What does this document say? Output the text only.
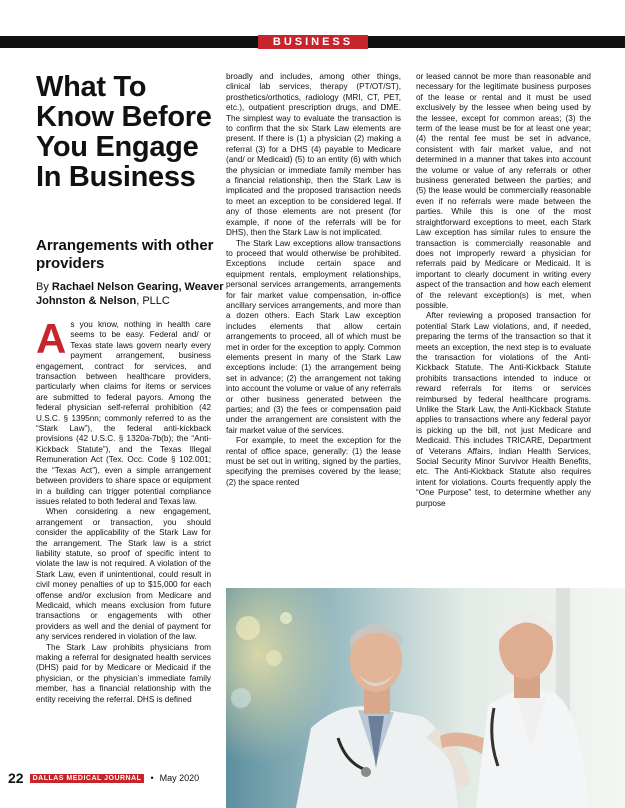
BUSINESS
What To Know Before You Engage In Business
Arrangements with other providers
By Rachael Nelson Gearing, Weaver Johnston & Nelson, PLLC

As you know, nothing in health care seems to be easy. Federal and/ or Texas state laws govern nearly every payment arrangement, business engagement, contract for services, and transaction between healthcare providers, particularly when claims for items or services are submitted to federal payors. Among the federal physician self-referral prohibition (42 U.S.C. § 1395nn; commonly referred to as the “Stark Law”), the federal anti-kickback provisions (42 U.S.C. § 1320a-7b(b); the “Anti-Kickback Statute”), and the Texas Illegal Remuneration Act (Tex. Occ. Code § 102.001; the “Texas Act”), even a simple arrangement between providers to share space or equipment in a building can trigger potential compliance issues related to both federal and Texas law.

When considering a new engagement, arrangement or transaction, you should consider the applicability of the Stark Law for the arrangement. The Stark law is a strict liability statute, so proof of specific intent to violate the law is not required. A violation of the Stark Law, even if unintentional, could result in civil money penalties of up to $15,000 for each offense and/or exclusion from Medicare and Medicaid, which means exclusion from future transactions or engagements with other providers as well and the denial of payment for any services rendered in violation of the law.

The Stark Law prohibits physicians from making a referral for designated health services (DHS) paid for by Medicare or Medicaid if the physician, or the physician’s immediate family member, has a financial relationship with the entity receiving the referral. DHS is defined

broadly and includes, among other things, clinical lab services, therapy (PT/OT/ST), prosthetics/orthotics, radiology (MRI, CT, PET, etc.), outpatient prescription drugs, and DME. The simplest way to evaluate the transaction is to confirm that the six Stark Law elements are present. If there is (1) a physician (2) making a referral (3) for a DHS (4) payable to Medicare (and/ or Medicaid) (5) to an entity (6) with which the physician or immediate family member has a financial relationship, then the Stark Law is implicated and the proposed transaction needs to meet an exception to be considered legal. If any of those elements are not present (for example, if none of the referrals will be for DHS), then the Stark Law is not implicated.

The Stark Law exceptions allow transactions to proceed that would otherwise be prohibited. Exceptions include certain space and equipment rentals, employment relationships, personal services arrangements, arrangements for fair market value compensation, in-office ancillary services arrangements, and more than a dozen others. Each Stark Law exception includes elements that allow certain arrangements to proceed, all of which must be met in order for the exception to apply. Common elements present in many of the Stark Law exceptions include: (1) the arrangement being set in advance; (2) the arrangement not taking into account the volume or value of any referrals or other business generated between the parties; and (3) the fees or compensation paid under the arrangement are consistent with the fair market value of the services.

For example, to meet the exception for the rental of office space, generally: (1) the lease must be set out in writing, signed by the parties, specifying the premises covered by the lease; (2) the space rented

or leased cannot be more than reasonable and necessary for the legitimate business purposes of the lease or rental and it must be used exclusively by the lessee when being used by the lessee, except for common areas; (3) the term of the lease must be for at least one year; (4) the rental fee must be set in advance, consistent with fair market value, and not determined in a manner that takes into account the volume or value of any referrals or other business generated between the parties; and (5) the lease would be commercially reasonable even if no referrals were made between the parties. While this is one of the most straightforward exceptions to meet, each Stark Law exception has similar rules to ensure the transaction is commercially reasonable and does not improperly reward a physician for referrals paid by Medicare or Medicaid. It is important to clearly document in writing every aspect of the transaction and how each element of the relevant exception(s) is met, when possible.

After reviewing a proposed transaction for potential Stark Law violations, and, if needed, preparing the terms of the transaction so that it meets an exception, the next step is to evaluate the transaction for violations of the Anti-Kickback Statute. The Anti-Kickback Statute prohibits transactions intended to induce or reward referrals for items or services reimbursed by federal healthcare programs. Unlike the Stark Law, the Anti-Kickback Statute applies to transactions where any federal payor is picking up the bill, not just Medicare and Medicaid. This includes TRICARE, Department of Veterans Affairs, Indian Health Services, Social Security Minor Survivor Health Benefits, etc. The Anti-Kickback Statute also requires intent for violations. Courts frequently apply the “One Purpose” test, to determine whether any purpose

22	DALLAS MEDICAL JOURNAL	• May 2020
